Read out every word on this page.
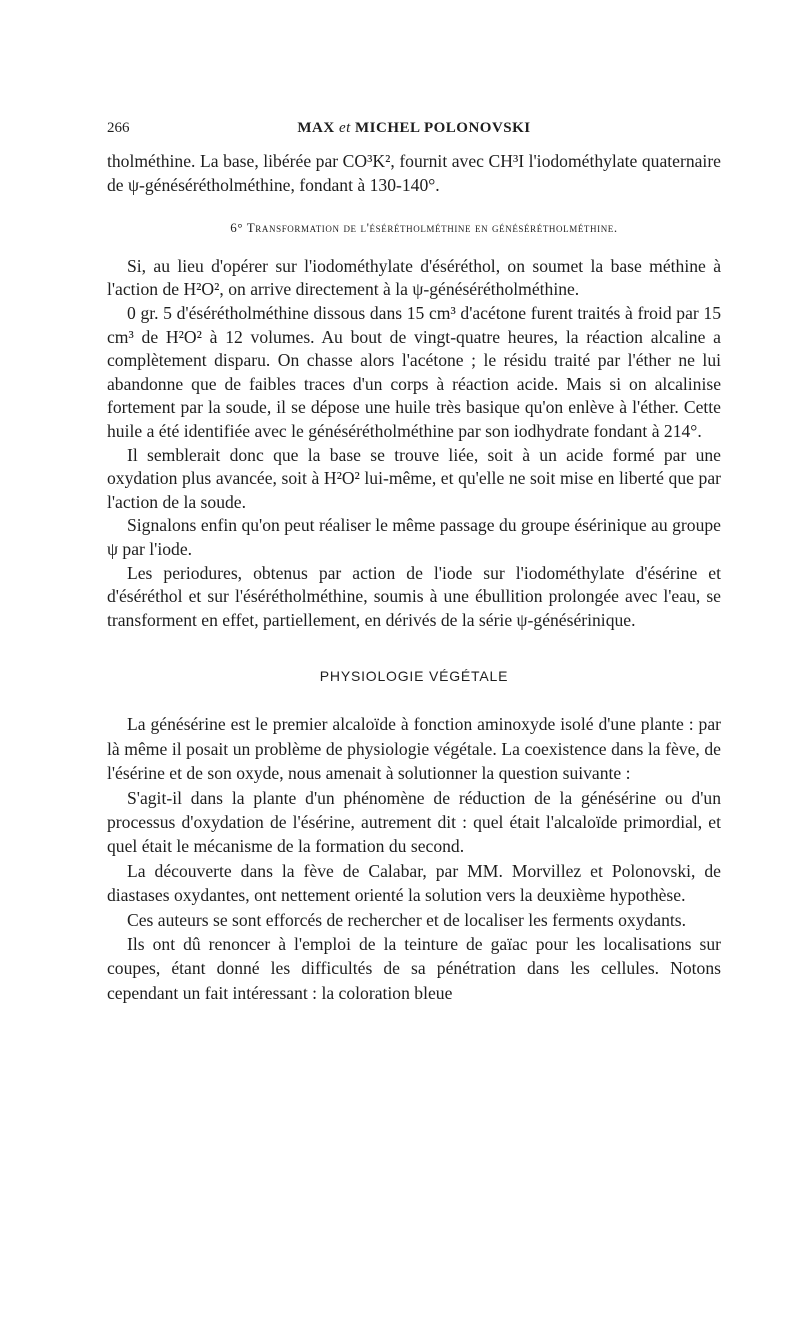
266	MAX et MICHEL POLONOVSKI

tholméthine. La base, libérée par CO³K², fournit avec CH³I l'iodométhylate quaternaire de ψ-génésérétholméthine, fondant à 130-140°.

6° Transformation de l'ésérétholméthine en génésérétholméthine.

Si, au lieu d'opérer sur l'iodométhylate d'éséréthol, on soumet la base méthine à l'action de H²O², on arrive directement à la ψ-génésérétholméthine.

0 gr. 5 d'ésérétholméthine dissous dans 15 cm³ d'acétone furent traités à froid par 15 cm³ de H²O² à 12 volumes. Au bout de vingt-quatre heures, la réaction alcaline a complètement disparu. On chasse alors l'acétone ; le résidu traité par l'éther ne lui abandonne que de faibles traces d'un corps à réaction acide. Mais si on alcalinise fortement par la soude, il se dépose une huile très basique qu'on enlève à l'éther. Cette huile a été identifiée avec le génésérétholméthine par son iodhydrate fondant à 214°.

Il semblerait donc que la base se trouve liée, soit à un acide formé par une oxydation plus avancée, soit à H²O² lui-même, et qu'elle ne soit mise en liberté que par l'action de la soude.

Signalons enfin qu'on peut réaliser le même passage du groupe ésérinique au groupe ψ par l'iode.

Les periodures, obtenus par action de l'iode sur l'iodométhylate d'ésérine et d'éséréthol et sur l'ésérétholméthine, soumis à une ébullition prolongée avec l'eau, se transforment en effet, partiellement, en dérivés de la série ψ-génésérinique.

PHYSIOLOGIE VÉGÉTALE

La génésérine est le premier alcaloïde à fonction aminoxyde isolé d'une plante : par là même il posait un problème de physiologie végétale. La coexistence dans la fève, de l'ésérine et de son oxyde, nous amenait à solutionner la question suivante :

S'agit-il dans la plante d'un phénomène de réduction de la génésérine ou d'un processus d'oxydation de l'ésérine, autrement dit : quel était l'alcaloïde primordial, et quel était le mécanisme de la formation du second.

La découverte dans la fève de Calabar, par MM. Morvillez et Polonovski, de diastases oxydantes, ont nettement orienté la solution vers la deuxième hypothèse.

Ces auteurs se sont efforcés de rechercher et de localiser les ferments oxydants.

Ils ont dû renoncer à l'emploi de la teinture de gaïac pour les localisations sur coupes, étant donné les difficultés de sa pénétration dans les cellules. Notons cependant un fait intéressant : la coloration bleue
